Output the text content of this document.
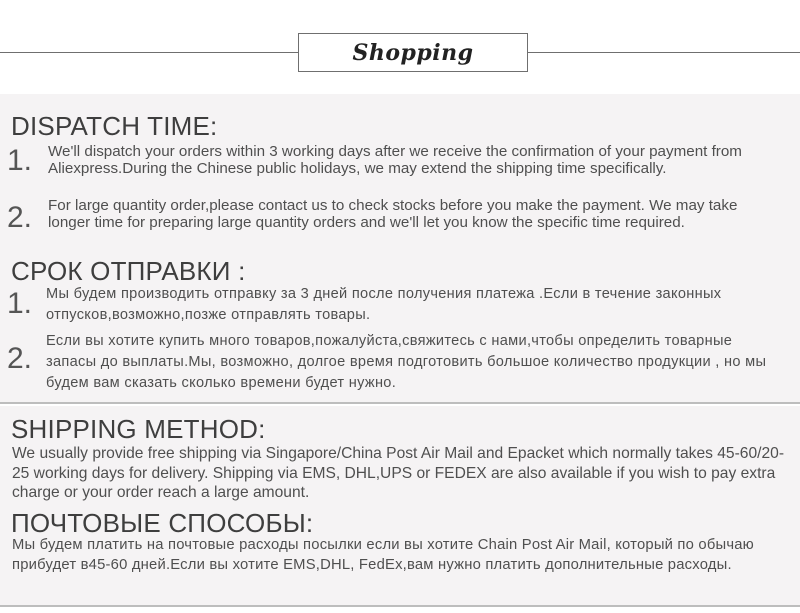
Shopping
DISPATCH TIME:
1. We'll dispatch your orders within 3 working days after we receive the confirmation of your payment from Aliexpress.During the Chinese public holidays, we may extend the shipping time specifically.
2. For large quantity order,please contact us to check stocks before you make the payment. We may take longer time for preparing large quantity orders and we'll let you know the specific time required.
СРОК ОТПРАВКИ :
1. Мы будем производить отправку за 3 дней после получения платежа .Если в течение законных отпусков,возможно,позже отправлять товары.
2.
Если вы хотите купить много товаров,пожалуйста,свяжитесь с нами,чтобы определить товарные запасы до выплаты.Мы, возможно, долгое время подготовить большое количество продукции , но мы будем вам сказать сколько времени будет нужно.
SHIPPING METHOD:
We usually provide free shipping via Singapore/China Post Air Mail and Epacket which normally takes 45-60/20-25 working days for delivery. Shipping via EMS, DHL,UPS or FEDEX are also available if you wish to pay extra charge or your order reach a large amount.
ПОЧТОВЫЕ СПОСОБЫ:
Мы будем платить на почтовые расходы посылки если вы хотите Chain Post Air Mail, который по обычаю прибудет в45-60 дней.Если вы хотите EMS,DHL, FedEx,вам нужно платить дополнительные расходы.
